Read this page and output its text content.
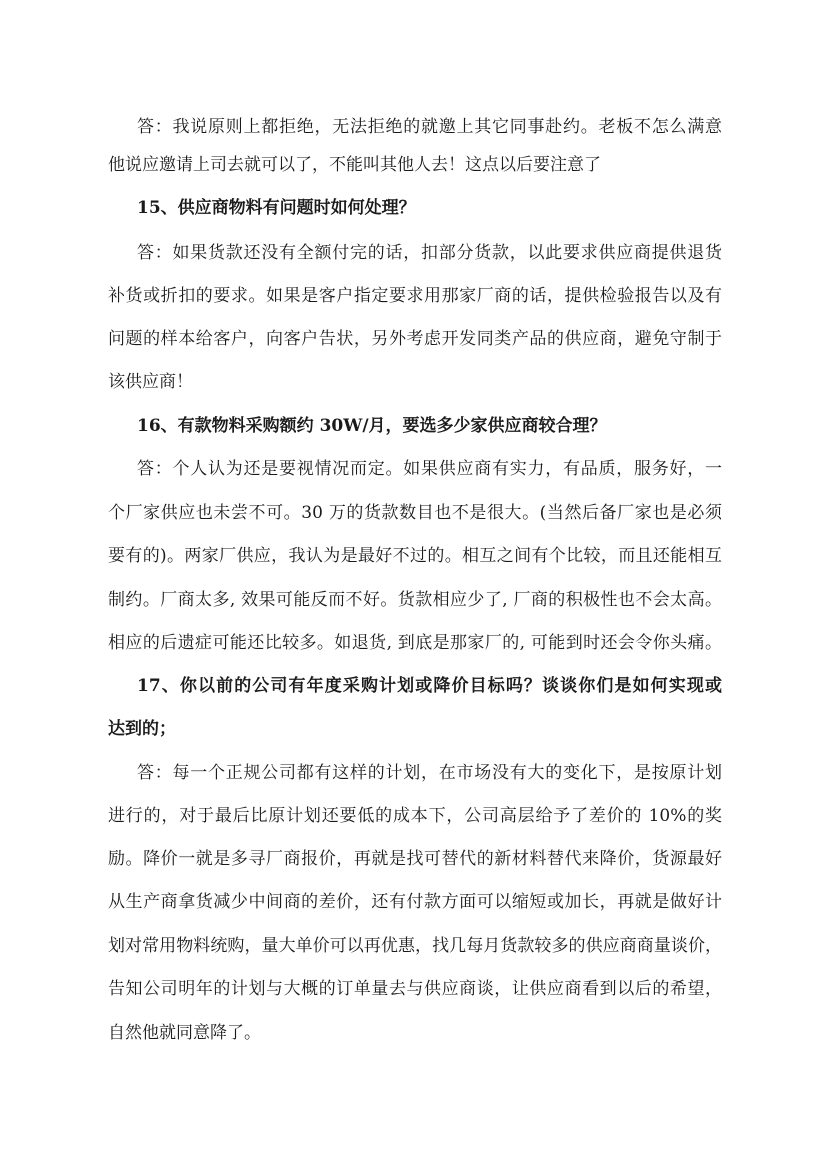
答：我说原则上都拒绝，无法拒绝的就邀上其它同事赴约。老板不怎么满意
他说应邀请上司去就可以了，不能叫其他人去！这点以后要注意了
15、供应商物料有问题时如何处理？
答：如果货款还没有全额付完的话，扣部分货款，以此要求供应商提供退货
补货或折扣的要求。如果是客户指定要求用那家厂商的话，提供检验报告以及有
问题的样本给客户，向客户告状，另外考虑开发同类产品的供应商，避免守制于
该供应商！
16、有款物料采购额约 30W/月，要选多少家供应商较合理？
答：个人认为还是要视情况而定。如果供应商有实力，有品质，服务好，一
个厂家供应也未尝不可。30 万的货款数目也不是很大。(当然后备厂家也是必须
要有的)。两家厂供应，我认为是最好不过的。相互之间有个比较，而且还能相互
制约。厂商太多, 效果可能反而不好。货款相应少了, 厂商的积极性也不会太高。
相应的后遗症可能还比较多。如退货, 到底是那家厂的, 可能到时还会令你头痛。
17、你以前的公司有年度采购计划或降价目标吗？谈谈你们是如何实现或
达到的；
答：每一个正规公司都有这样的计划，在市场没有大的变化下，是按原计划
进行的，对于最后比原计划还要低的成本下，公司高层给予了差价的 10%的奖
励。降价一就是多寻厂商报价，再就是找可替代的新材料替代来降价，货源最好
从生产商拿货减少中间商的差价，还有付款方面可以缩短或加长，再就是做好计
划对常用物料统购，量大单价可以再优惠，找几每月货款较多的供应商商量谈价，
告知公司明年的计划与大概的订单量去与供应商谈，让供应商看到以后的希望，
自然他就同意降了。
